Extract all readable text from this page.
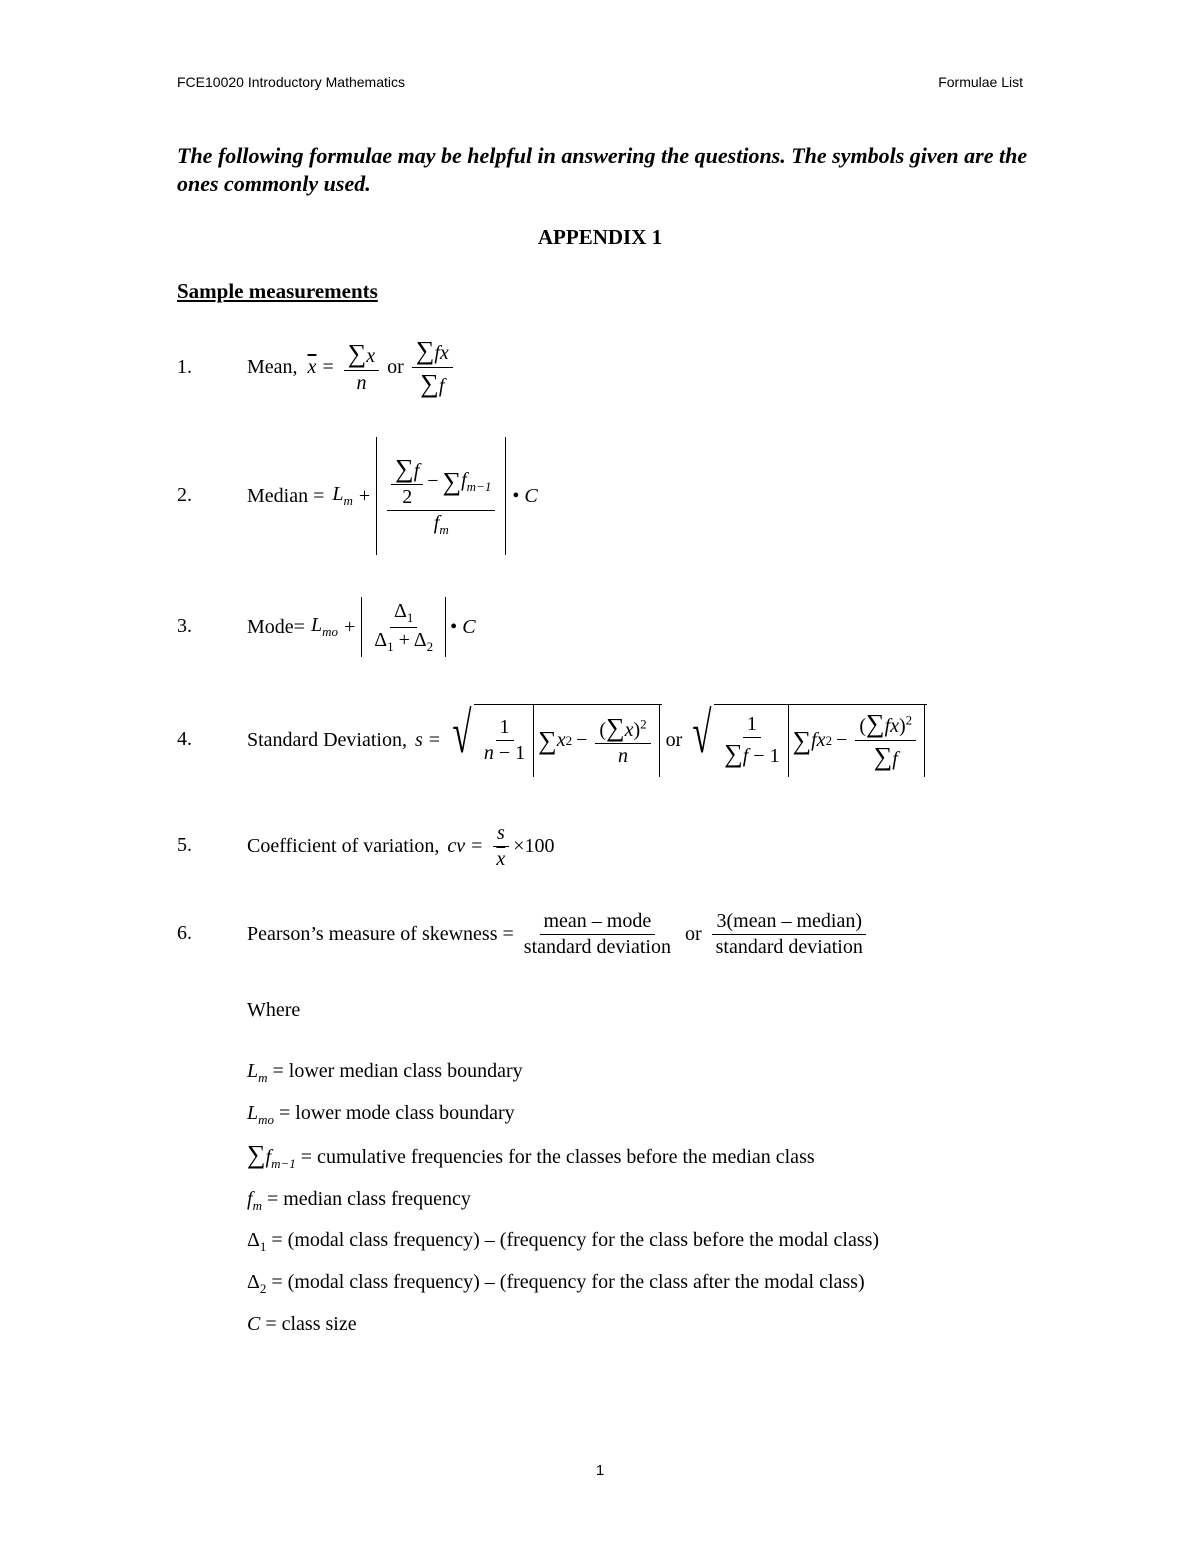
FCE10020 Introductory Mathematics	Formulae List
The following formulae may be helpful in answering the questions. The symbols given are the ones commonly used.
APPENDIX 1
Sample measurements
1.	Mean, $\overline{x} = \frac{\sum x}{n}$ or $\frac{\sum fx}{\sum f}$
2.	Median = $L_m + \frac{\frac{\sum f}{2} - \sum f_{m-1}}{f_m}$ • C
3.	Mode= $L_{mo} + \frac{\Delta_1}{\Delta_1 + \Delta_2}$ • C
4.	Standard Deviation, s = √ $\frac{1}{n - 1}$ ∑ x $2 - \frac{(\sum x)^2}{n}$ or √ $\frac{1}{\sum f - 1}$ ∑ fx $2 - \frac{(\sum fx)^2}{\sum f}$
5.	Coefficient of variation, cv = $\frac{s}{x} \times 100$
6.	Pearson’s measure of skewness = $\frac{\text{mean – mode}}{\text{standard deviation}}$ or $\frac{\text{3(mean – median)}}{\text{standard deviation}}$
Where
$L_m$ = lower median class boundary
$L_{mo}$ = lower mode class boundary
$\sum f_{m-1}$ = cumulative frequencies for the classes before the median class
$f_m$ = median class frequency
$\Delta_1$ = (modal class frequency) – (frequency for the class before the modal class)
$\Delta_2$ = (modal class frequency) – (frequency for the class after the modal class)
C = class size
1
